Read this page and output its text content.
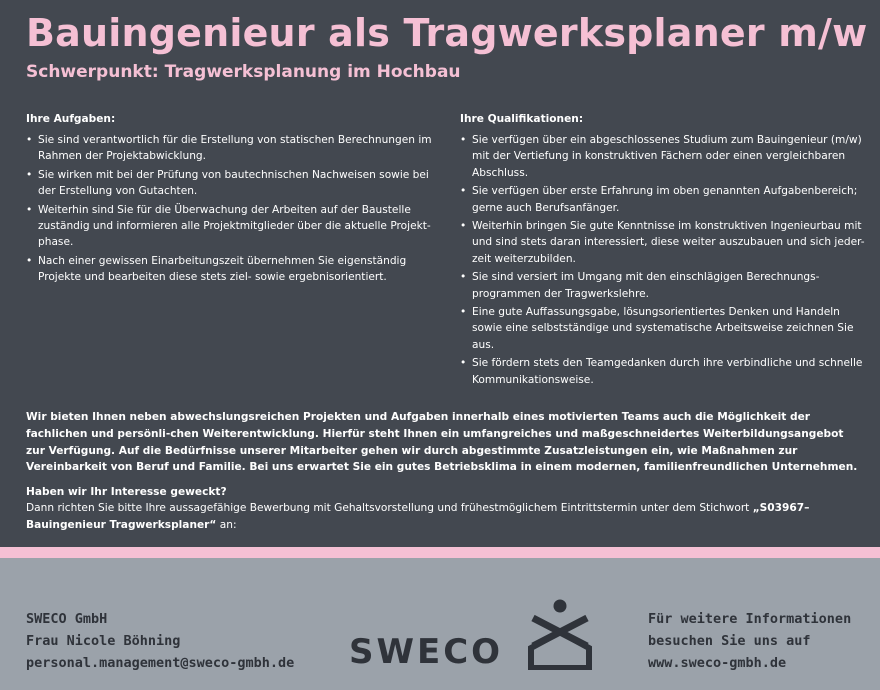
Bauingenieur als Tragwerksplaner m/w
Schwerpunkt: Tragwerksplanung im Hochbau
Ihre Aufgaben:
• Sie sind verantwortlich für die Erstellung von statischen Berechnungen im Rahmen der Projektabwicklung.
• Sie wirken mit bei der Prüfung von bautechnischen Nachweisen sowie bei der Erstellung von Gutachten.
• Weiterhin sind Sie für die Überwachung der Arbeiten auf der Baustelle zuständig und informieren alle Projektmitglieder über die aktuelle Projekt-phase.
• Nach einer gewissen Einarbeitungszeit übernehmen Sie eigenständig Projekte und bearbeiten diese stets ziel- sowie ergebnisorientiert.
Ihre Qualifikationen:
• Sie verfügen über ein abgeschlossenes Studium zum Bauingenieur (m/w) mit der Vertiefung in konstruktiven Fächern oder einen vergleichbaren Abschluss.
• Sie verfügen über erste Erfahrung im oben genannten Aufgabenbereich; gerne auch Berufsanfänger.
• Weiterhin bringen Sie gute Kenntnisse im konstruktiven Ingenieurbau mit und sind stets daran interessiert, diese weiter auszubauen und sich jeder-zeit weiterzubilden.
• Sie sind versiert im Umgang mit den einschlägigen Berechnungs-programmen der Tragwerkslehre.
• Eine gute Auffassungsgabe, lösungsorientiertes Denken und Handeln sowie eine selbstständige und systematische Arbeitsweise zeichnen Sie aus.
• Sie fördern stets den Teamgedanken durch ihre verbindliche und schnelle Kommunikationsweise.

Wir bieten Ihnen neben abwechslungsreichen Projekten und Aufgaben innerhalb eines motivierten Teams auch die Möglichkeit der fachlichen und persönli-chen Weiterentwicklung. Hierfür steht Ihnen ein umfangreiches und maßgeschneidertes Weiterbildungsangebot zur Verfügung. Auf die Bedürfnisse unserer Mitarbeiter gehen wir durch abgestimmte Zusatzleistungen ein, wie Maßnahmen zur Vereinbarkeit von Beruf und Familie. Bei uns erwartet Sie ein gutes Betriebsklima in einem modernen, familienfreundlichen Unternehmen.

Haben wir Ihr Interesse geweckt?
Dann richten Sie bitte Ihre aussagefähige Bewerbung mit Gehaltsvorstellung und frühestmöglichem Eintrittstermin unter dem Stichwort „S03967–Bauingenieur Tragwerksplaner“ an:
SWECO GmbH
Frau Nicole Böhning
personal.management@sweco-gmbh.de SWECO
Für weitere Informationen
besuchen Sie uns auf
www.sweco-gmbh.de
